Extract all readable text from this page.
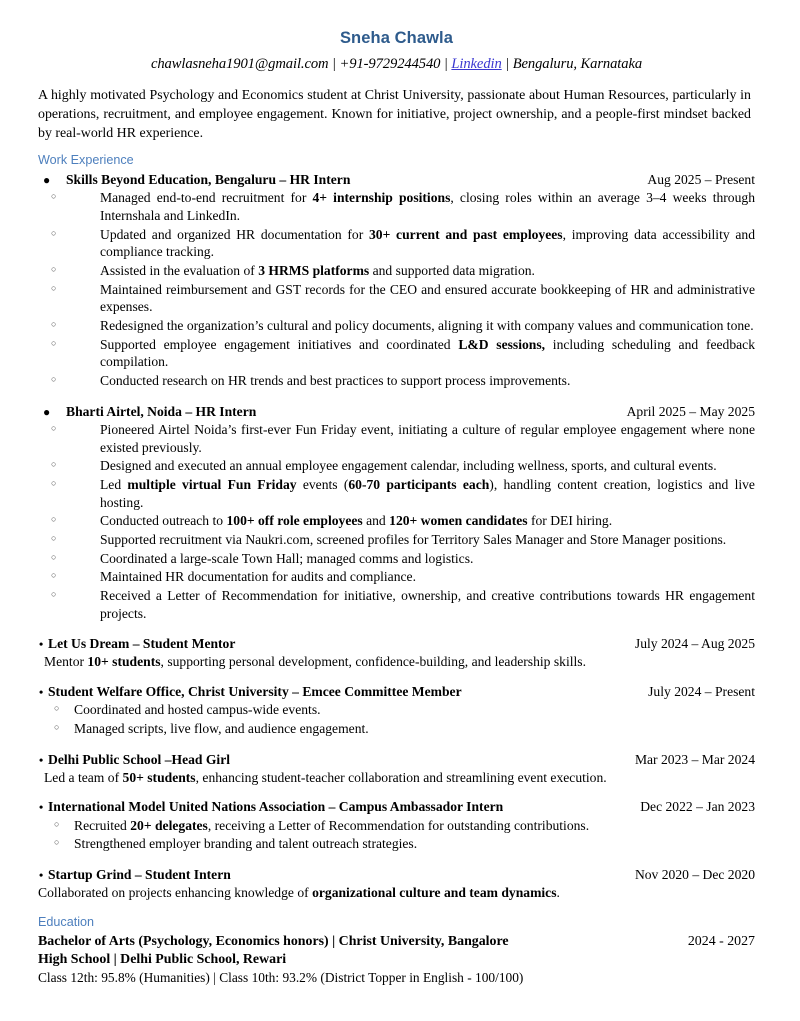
Sneha Chawla
chawlasneha1901@gmail.com | +91-9729244540 | Linkedin | Bengaluru, Karnataka
A highly motivated Psychology and Economics student at Christ University, passionate about Human Resources, particularly in operations, recruitment, and employee engagement. Known for initiative, project ownership, and a people-first mindset backed by real-world HR experience.
Work Experience
● Skills Beyond Education, Bengaluru – HR Intern	Aug 2025 – Present
○ Managed end-to-end recruitment for 4+ internship positions, closing roles within an average 3–4 weeks through Internshala and LinkedIn.
○ Updated and organized HR documentation for 30+ current and past employees, improving data accessibility and compliance tracking.
○ Assisted in the evaluation of 3 HRMS platforms and supported data migration.
○ Maintained reimbursement and GST records for the CEO and ensured accurate bookkeeping of HR and administrative expenses.
○ Redesigned the organization’s cultural and policy documents, aligning it with company values and communication tone.
○ Supported employee engagement initiatives and coordinated L&D sessions, including scheduling and feedback compilation.
○ Conducted research on HR trends and best practices to support process improvements.
● Bharti Airtel, Noida – HR Intern	April 2025 – May 2025
○ Pioneered Airtel Noida’s first-ever Fun Friday event, initiating a culture of regular employee engagement where none existed previously.
○ Designed and executed an annual employee engagement calendar, including wellness, sports, and cultural events.
○ Led multiple virtual Fun Friday events (60-70 participants each), handling content creation, logistics and live hosting.
○ Conducted outreach to 100+ off role employees and 120+ women candidates for DEI hiring.
○ Supported recruitment via Naukri.com, screened profiles for Territory Sales Manager and Store Manager positions.
○ Coordinated a large-scale Town Hall; managed comms and logistics.
○ Maintained HR documentation for audits and compliance.
○ Received a Letter of Recommendation for initiative, ownership, and creative contributions towards HR engagement projects.
• Let Us Dream – Student Mentor	July 2024 – Aug 2025
Mentor 10+ students, supporting personal development, confidence-building, and leadership skills.
• Student Welfare Office, Christ University – Emcee Committee Member	July 2024 – Present
○ Coordinated and hosted campus-wide events.
○ Managed scripts, live flow, and audience engagement.
• Delhi Public School –Head Girl	Mar 2023 – Mar 2024
Led a team of 50+ students, enhancing student-teacher collaboration and streamlining event execution.
• International Model United Nations Association – Campus Ambassador Intern	Dec 2022 – Jan 2023
○ Recruited 20+ delegates, receiving a Letter of Recommendation for outstanding contributions.
○ Strengthened employer branding and talent outreach strategies.
• Startup Grind – Student Intern	Nov 2020 – Dec 2020
Collaborated on projects enhancing knowledge of organizational culture and team dynamics.
Education
Bachelor of Arts (Psychology, Economics honors) | Christ University, Bangalore	2024 - 2027
High School | Delhi Public School, Rewari
Class 12th: 95.8% (Humanities) | Class 10th: 93.2% (District Topper in English - 100/100)
